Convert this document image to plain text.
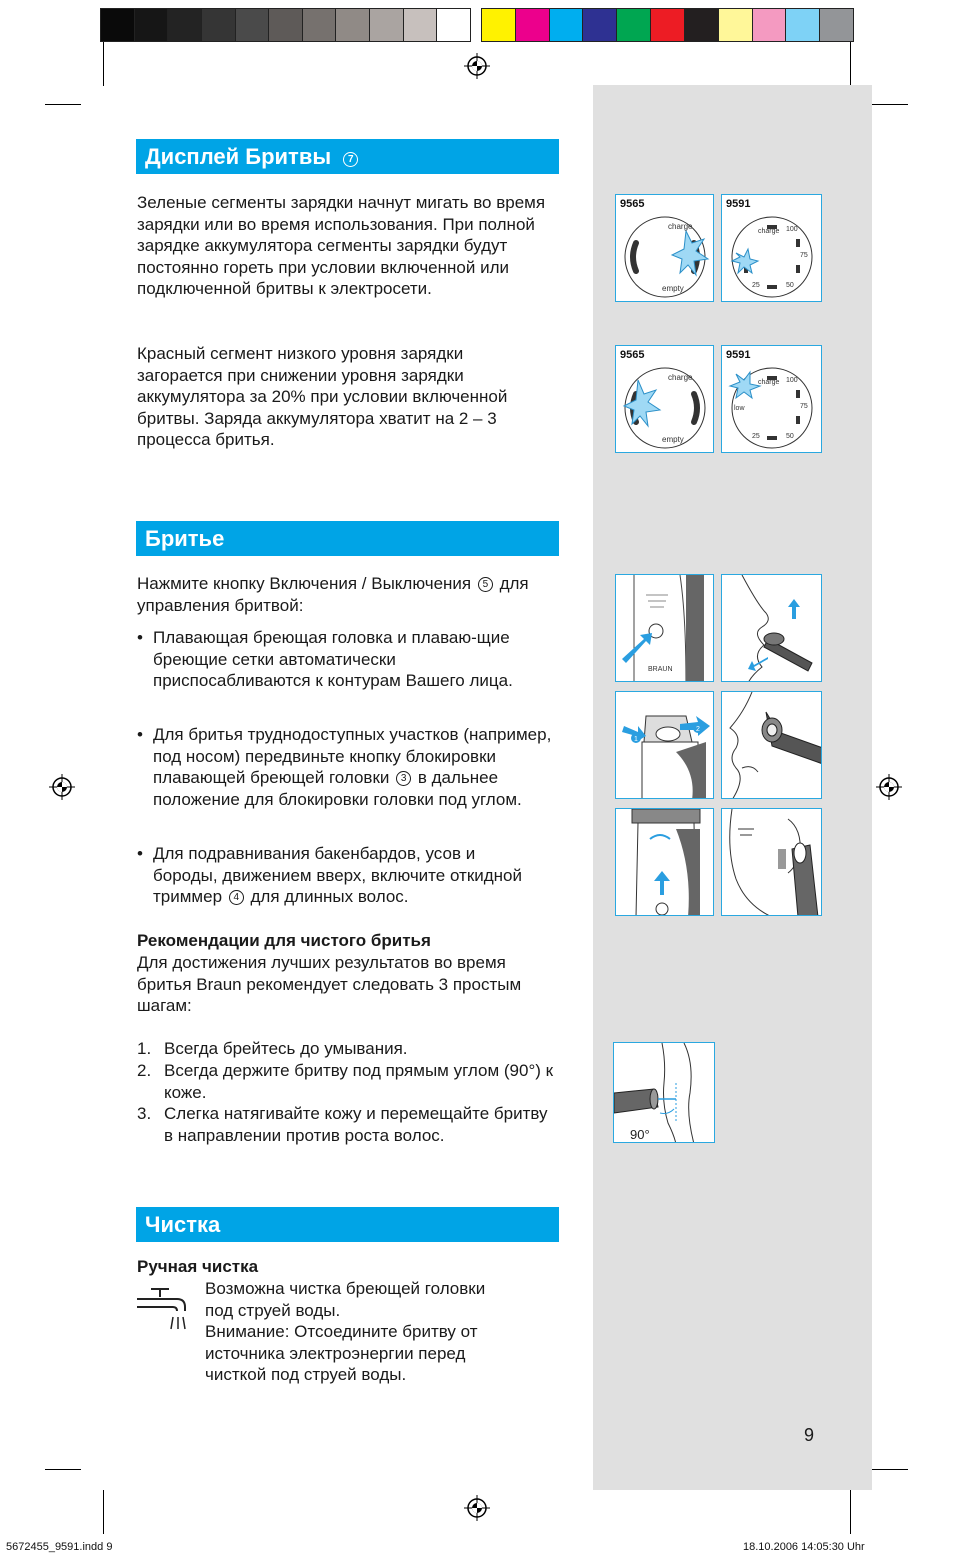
Дисплей Бритвы 7
Зеленые сегменты зарядки начнут мигать во время зарядки или во время использования. При полной зарядке аккумулятора сегменты зарядки будут постоянно гореть при условии включенной или подключенной бритвы к электросети.
Красный сегмент низкого уровня зарядки загорается при снижении уровня зарядки аккумулятора за 20% при условии включенной бритвы. Заряда аккумулятора хватит на 2 – 3 процесса бритья.
9565
charge
empty
9591
charge 100
75
50
25
9565
charge
empty
9591
low
charge 100
75
50
25
Бритье
Нажмите кнопку Включения / Выключения 5 для управления бритвой:
• Плавающая бреющая головка и плаваю-щие бреющие сетки автоматически приспосабливаются к контурам Вашего лица.
• Для бритья труднодоступных участков (например, под носом) передвиньте кнопку блокировки плавающей бреющей головки 3 в дальнее положение для блокировки головки под углом.
• Для подравнивания бакенбардов, усов и бороды, движением вверх, включите откидной триммер 4 для длинных волос.
Рекомендации для чистого бритья
Для достижения лучших результатов во время бритья Braun рекомендует следовать 3 простым шагам:
1. Всегда брейтесь до умывания.
2. Всегда держите бритву под прямым углом (90°) к коже.
3. Слегка натягивайте кожу и перемещайте бритву в направлении против роста волос.
BRAUN
1
2
90°
Чистка
Ручная чистка
Возможна чистка бреющей головки
под струей воды.
Внимание: Отсоедините бритву от
источника электроэнергии перед
чисткой под струей воды.
9
5672455_9591.indd 9	18.10.2006 14:05:30 Uhr
